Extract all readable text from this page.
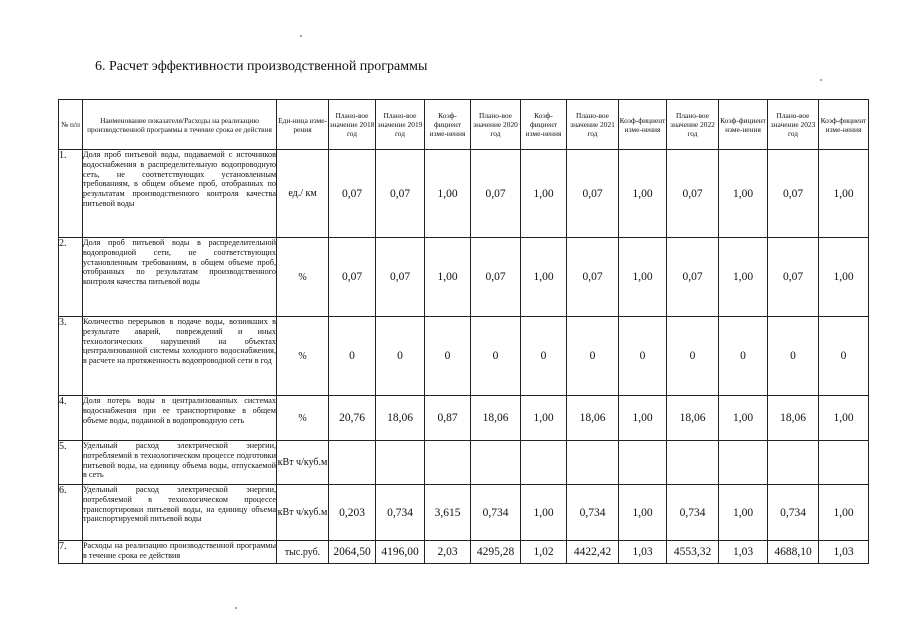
6. Расчет эффективности производственной программы
№ п/п	Наименование показателя/Расходы на реализацию производственной программы в течение срока ее действия	Еди-ница изме-рения	Плано-вое значение 2018 год	Плано-вое значение 2019 год	Коэф-фициент изме-нения	Плано-вое значение 2020 год	Коэф-фициент изме-нения	Плано-вое значение 2021 год	Коэф-фициент изме-нения	Плано-вое значение 2022 год	Коэф-фициент изме-нения	Плано-вое значение 2023 год	Коэф-фициент изме-нения
1.	Доля проб питьевой воды, подаваемой с источников водоснабжения в распределительную водопроводную сеть, не соответствующих установленным требованиям, в общем объеме проб, отобранных по результатам производственного контроля качества питьевой воды	ед./ км	0,07	0,07	1,00	0,07	1,00	0,07	1,00	0,07	1,00	0,07	1,00
2.	Доля проб питьевой воды в распределительной водопроводной сети, не соответствующих установленным требованиям, в общем объеме проб, отобранных по результатам производственного контроля качества питьевой воды	%	0,07	0,07	1,00	0,07	1,00	0,07	1,00	0,07	1,00	0,07	1,00
3.	Количество перерывов в подаче воды, возникших в результате аварий, повреждений и иных технологических нарушений на объектах централизованной системы холодного водоснабжения, в расчете на протяженность водопроводной сети в год	%	0	0	0	0	0	0	0	0	0	0	0
4.	Доля потерь воды в централизованных системах водоснабжения при ее транспортировке в общем объеме воды, поданной в водопроводную сеть	%	20,76	18,06	0,87	18,06	1,00	18,06	1,00	18,06	1,00	18,06	1,00
5.	Удельный расход электрической энергии, потребляемой в технологическом процессе подготовки питьевой воды, на единицу объема воды, отпускаемой в сеть	кВт ч/куб.м											
6.	Удельный расход электрической энергии, потребляемой в технологическом процессе транспортировки питьевой воды, на единицу объема транспортируемой питьевой воды	кВт ч/куб.м	0,203	0,734	3,615	0,734	1,00	0,734	1,00	0,734	1,00	0,734	1,00
7.	Расходы на реализацию производственной программы в течение срока ее действия	тыс.руб.	2064,50	4196,00	2,03	4295,28	1,02	4422,42	1,03	4553,32	1,03	4688,10	1,03
